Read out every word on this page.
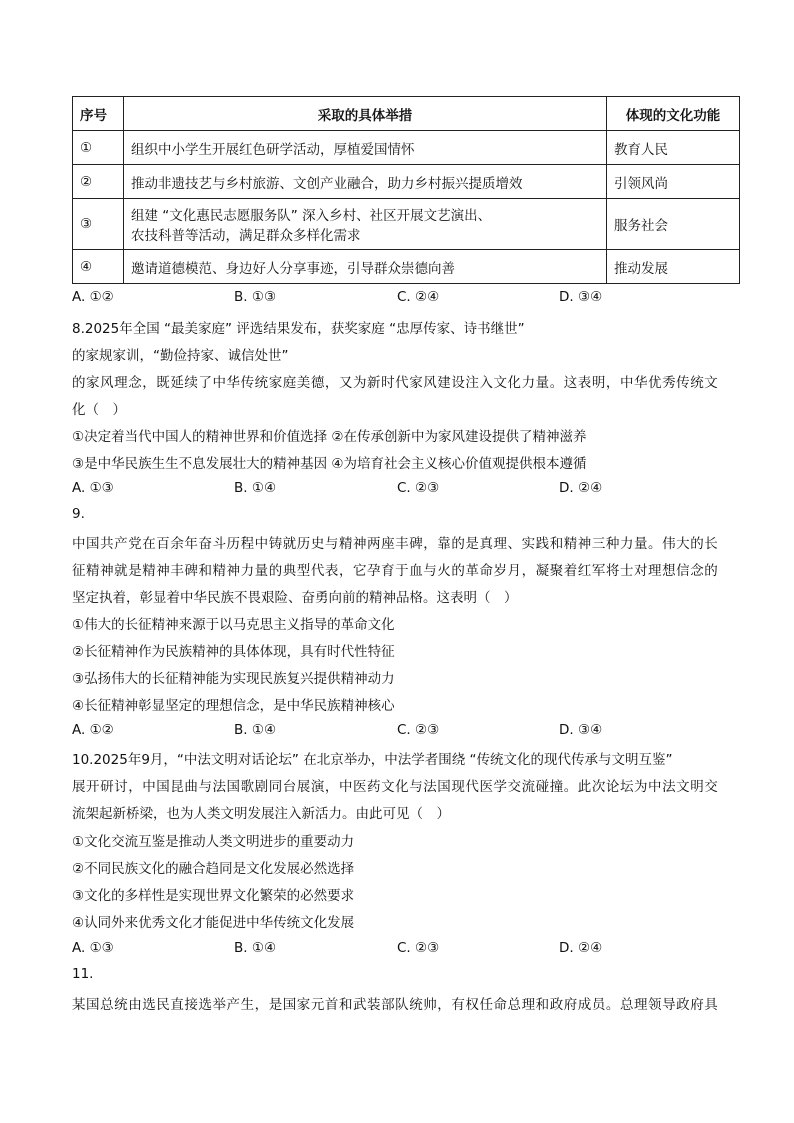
序号	采取的具体举措	体现的文化功能
①	组织中小学生开展红色研学活动，厚植爱国情怀	教育人民
②	推动非遗技艺与乡村旅游、文创产业融合，助力乡村振兴提质增效	引领风尚
③	组建 “文化惠民志愿服务队” 深入乡村、社区开展文艺演出、
农技科普等活动，满足群众多样化需求	服务社会
④	邀请道德模范、身边好人分享事迹，引导群众崇德向善	推动发展
A. ①②	B. ①③	C. ②④	D. ③④
8.2025年全国 “最美家庭” 评选结果发布，获奖家庭 “忠厚传家、诗书继世”
的家规家训，“勤俭持家、诚信处世”
的家风理念，既延续了中华传统家庭美德，又为新时代家风建设注入文化力量。这表明，中华优秀传统文
化（　）
①决定着当代中国人的精神世界和价值选择 ②在传承创新中为家风建设提供了精神滋养
③是中华民族生生不息发展壮大的精神基因 ④为培育社会主义核心价值观提供根本遵循
A. ①③	B. ①④	C. ②③	D. ②④
9.
中国共产党在百余年奋斗历程中铸就历史与精神两座丰碑，靠的是真理、实践和精神三种力量。伟大的长
征精神就是精神丰碑和精神力量的典型代表，它孕育于血与火的革命岁月，凝聚着红军将士对理想信念的
坚定执着，彰显着中华民族不畏艰险、奋勇向前的精神品格。这表明（　）
①伟大的长征精神来源于以马克思主义指导的革命文化
②长征精神作为民族精神的具体体现，具有时代性特征
③弘扬伟大的长征精神能为实现民族复兴提供精神动力
④长征精神彰显坚定的理想信念，是中华民族精神核心
A. ①②	B. ①④	C. ②③	D. ③④
10.2025年9月，“中法文明对话论坛” 在北京举办，中法学者围绕 “传统文化的现代传承与文明互鉴”
展开研讨，中国昆曲与法国歌剧同台展演，中医药文化与法国现代医学交流碰撞。此次论坛为中法文明交
流架起新桥梁，也为人类文明发展注入新活力。由此可见（　）
①文化交流互鉴是推动人类文明进步的重要动力
②不同民族文化的融合趋同是文化发展必然选择
③文化的多样性是实现世界文化繁荣的必然要求
④认同外来优秀文化才能促进中华传统文化发展
A. ①③	B. ①④	C. ②③	D. ②④
11.
某国总统由选民直接选举产生，是国家元首和武装部队统帅，有权任命总理和政府成员。总理领导政府具
